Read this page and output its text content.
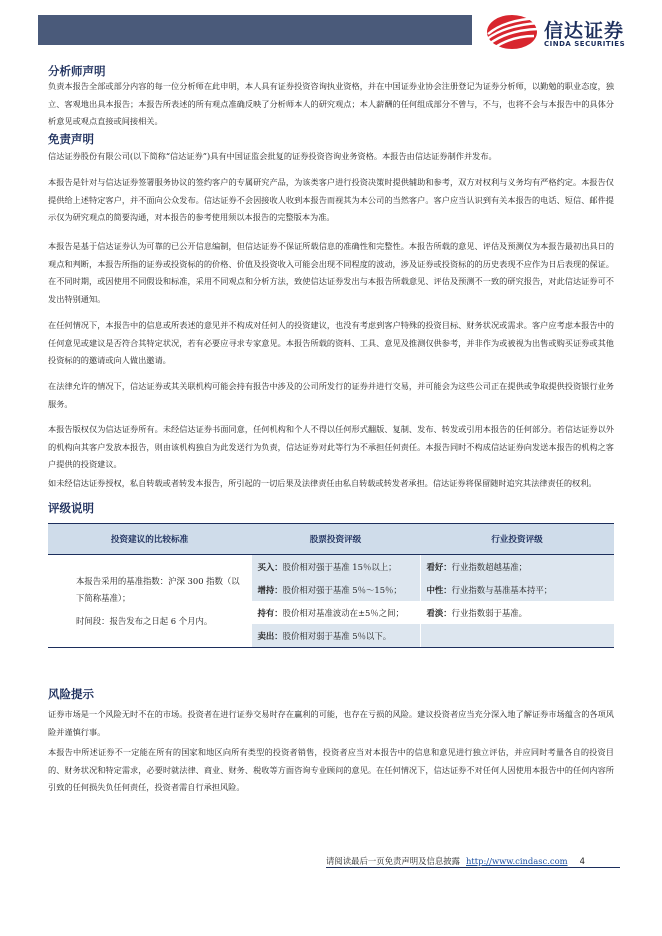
信达证券
CINDA SECURITIES
分析师声明

负责本报告全部或部分内容的每一位分析师在此申明，本人具有证券投资咨询执业资格，并在中国证券业协会注册登记为证券分析师，以勤勉的职业态度，独立、客观地出具本报告；本报告所表述的所有观点准确反映了分析师本人的研究观点；本人薪酬的任何组成部分不曾与，不与，也将不会与本报告中的具体分析意见或观点直接或间接相关。

免责声明

信达证券股份有限公司(以下简称“信达证券”)具有中国证监会批复的证券投资咨询业务资格。本报告由信达证券制作并发布。

本报告是针对与信达证券签署服务协议的签约客户的专属研究产品，为该类客户进行投资决策时提供辅助和参考，双方对权利与义务均有严格约定。本报告仅提供给上述特定客户，并不面向公众发布。信达证券不会因接收人收到本报告而视其为本公司的当然客户。客户应当认识到有关本报告的电话、短信、邮件提示仅为研究观点的简要沟通，对本报告的参考使用须以本报告的完整版本为准。

本报告是基于信达证券认为可靠的已公开信息编制，但信达证券不保证所载信息的准确性和完整性。本报告所载的意见、评估及预测仅为本报告最初出具日的观点和判断，本报告所指的证券或投资标的的价格、价值及投资收入可能会出现不同程度的波动，涉及证券或投资标的的历史表现不应作为日后表现的保证。在不同时期，或因使用不同假设和标准，采用不同观点和分析方法，致使信达证券发出与本报告所载意见、评估及预测不一致的研究报告，对此信达证券可不发出特别通知。

在任何情况下，本报告中的信息或所表述的意见并不构成对任何人的投资建议，也没有考虑到客户特殊的投资目标、财务状况或需求。客户应考虑本报告中的任何意见或建议是否符合其特定状况，若有必要应寻求专家意见。本报告所载的资料、工具、意见及推测仅供参考，并非作为或被视为出售或购买证券或其他投资标的的邀请或向人做出邀请。

在法律允许的情况下，信达证券或其关联机构可能会持有报告中涉及的公司所发行的证券并进行交易，并可能会为这些公司正在提供或争取提供投资银行业务服务。

本报告版权仅为信达证券所有。未经信达证券书面同意，任何机构和个人不得以任何形式翻版、复制、发布、转发或引用本报告的任何部分。若信达证券以外的机构向其客户发放本报告，则由该机构独自为此发送行为负责，信达证券对此等行为不承担任何责任。本报告同时不构成信达证券向发送本报告的机构之客户提供的投资建议。

如未经信达证券授权，私自转载或者转发本报告，所引起的一切后果及法律责任由私自转载或转发者承担。信达证券将保留随时追究其法律责任的权利。

评级说明
投资建议的比较标准	股票投资评级	行业投资评级

本报告采用的基准指数：沪深 300 指数（以下简称基准）；
时间段：报告发布之日起 6 个月内。	买入：股价相对强于基准 15％以上；	看好：行业指数超越基准；
	增持：股价相对强于基准 5％～15％；	中性：行业指数与基准基本持平；
	持有：股价相对基准波动在±5％之间；	看淡：行业指数弱于基准。
	卖出：股价相对弱于基准 5％以下。	
风险提示

证券市场是一个风险无时不在的市场。投资者在进行证券交易时存在赢利的可能，也存在亏损的风险。建议投资者应当充分深入地了解证券市场蕴含的各项风险并谨慎行事。

本报告中所述证券不一定能在所有的国家和地区向所有类型的投资者销售，投资者应当对本报告中的信息和意见进行独立评估，并应同时考量各自的投资目的、财务状况和特定需求，必要时就法律、商业、财务、税收等方面咨询专业顾问的意见。在任何情况下，信达证券不对任何人因使用本报告中的任何内容所引致的任何损失负任何责任，投资者需自行承担风险。

请阅读最后一页免责声明及信息披露 http://www.cindasc.com 4
